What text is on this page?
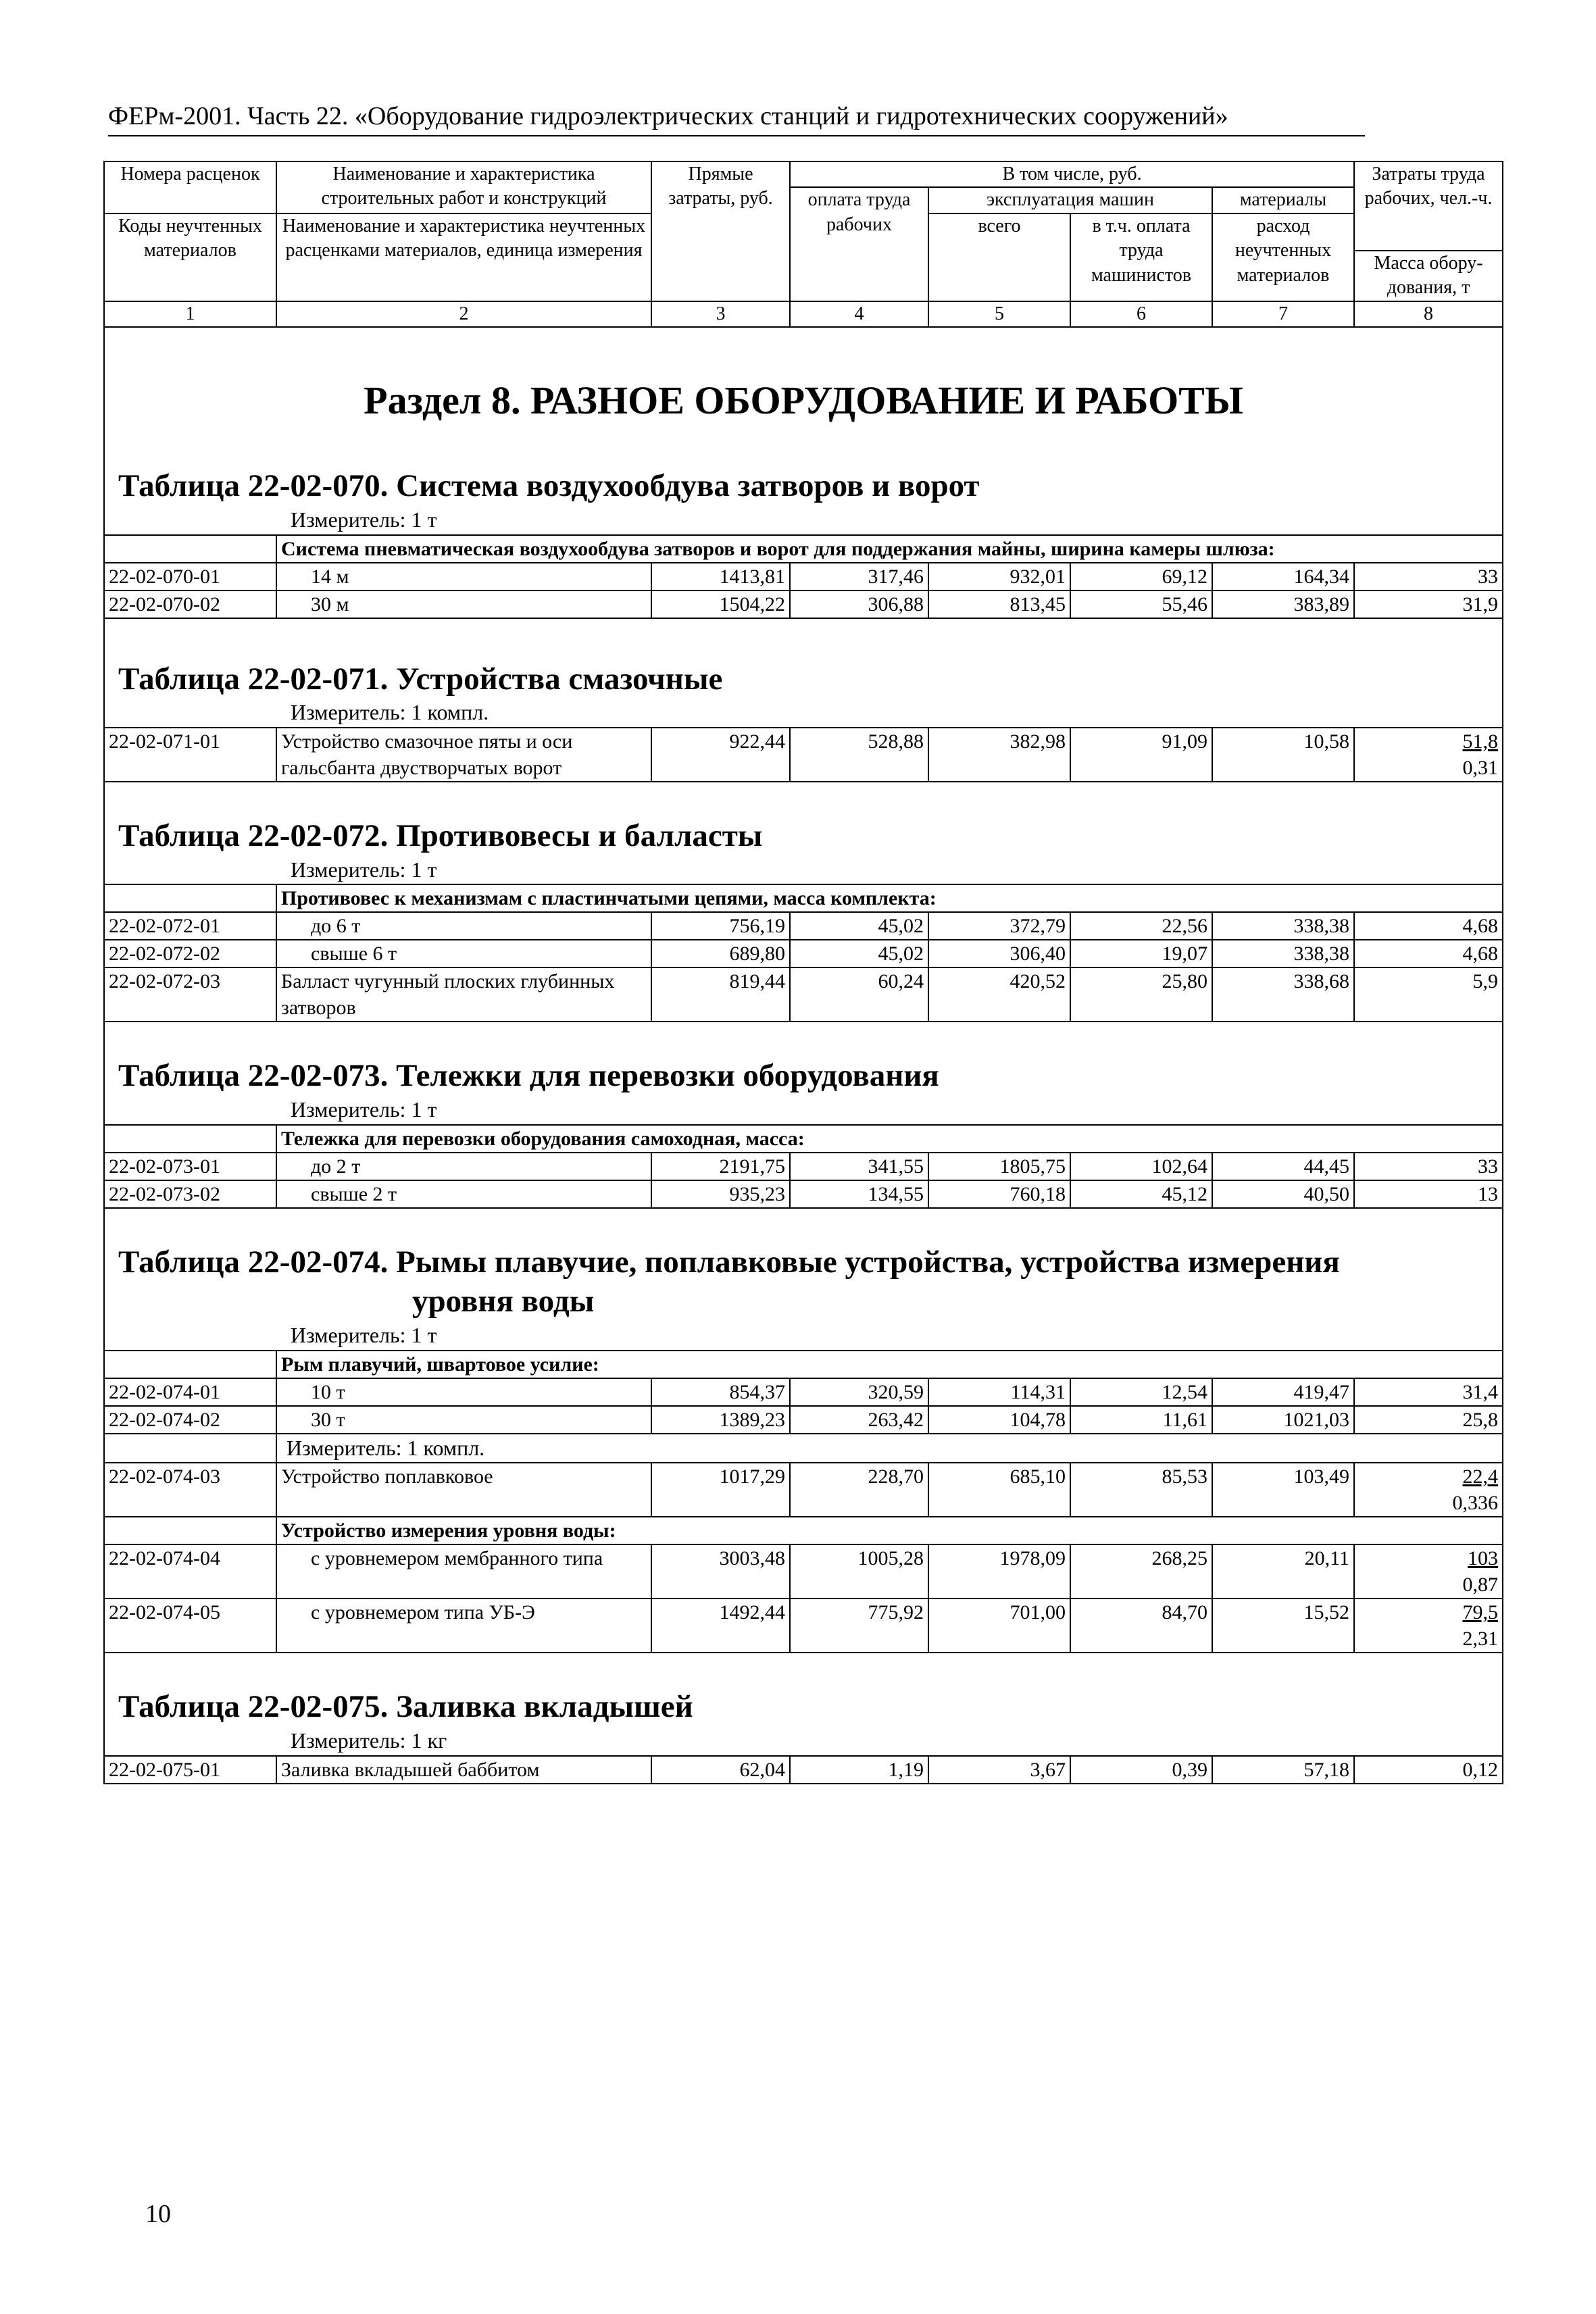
ФЕРм-2001. Часть 22. «Оборудование гидроэлектрических станций и гидротехнических сооружений»
Номера расценок	Наименование и характеристика строительных работ и конструкций	Прямые затраты, руб.	В том числе, руб.				Затраты труда рабочих, чел.-ч.
			оплата труда рабочих	эксплуатация машин		материалы	
Коды неучтенных материалов	Наименование и характеристика неучтенных расценками материалов, единица измерения			всего	в т.ч. оплата труда машинистов	расход неучтенных материалов	
							Масса обору-дования, т
1	2	3	4	5	6	7	8

Раздел 8. РАЗНОЕ ОБОРУДОВАНИЕ И РАБОТЫ
Таблица 22-02-070. Система воздухообдува затворов и ворот
Измеритель: 1 т							

	Система пневматическая воздухообдува затворов и ворот для поддержания майны, ширина камеры шлюза:						
22-02-070-01	14 м	1413,81	317,46	932,01	69,12	164,34	33
22-02-070-02	30 м	1504,22	306,88	813,45	55,46	383,89	31,9

Таблица 22-02-071. Устройства смазочные
Измеритель: 1 компл.							

22-02-071-01	Устройство смазочное пяты и оси гальсбанта двустворчатых ворот	922,44	528,88	382,98	91,09	10,58	51,8
0,31

Таблица 22-02-072. Противовесы и балласты
Измеритель: 1 т							

	Противовес к механизмам с пластинчатыми цепями, масса комплекта:						
22-02-072-01	до 6 т	756,19	45,02	372,79	22,56	338,38	4,68
22-02-072-02	свыше 6 т	689,80	45,02	306,40	19,07	338,38	4,68
22-02-072-03	Балласт чугунный плоских глубинных затворов	819,44	60,24	420,52	25,80	338,68	5,9

Таблица 22-02-073. Тележки для перевозки оборудования
Измеритель: 1 т							

	Тележка для перевозки оборудования самоходная, масса:						
22-02-073-01	до 2 т	2191,75	341,55	1805,75	102,64	44,45	33
22-02-073-02	свыше 2 т	935,23	134,55	760,18	45,12	40,50	13

Таблица 22-02-074. Рымы плавучие, поплавковые устройства, устройства измерения
уровня воды
Измеритель: 1 т							

	Рым плавучий, швартовое усилие:						
22-02-074-01	10 т	854,37	320,59	114,31	12,54	419,47	31,4
22-02-074-02	30 т	1389,23	263,42	104,78	11,61	1021,03	25,8
	Измеритель: 1 компл.						
22-02-074-03	Устройство поплавковое	1017,29	228,70	685,10	85,53	103,49	22,4
0,336

	Устройство измерения уровня воды:						
22-02-074-04	с уровнемером мембранного типа	3003,48	1005,28	1978,09	268,25	20,11	103
0,87

22-02-074-05	с уровнемером типа УБ-Э	1492,44	775,92	701,00	84,70	15,52	79,5
2,31

Таблица 22-02-075. Заливка вкладышей
Измеритель: 1 кг							

22-02-075-01	Заливка вкладышей баббитом	62,04	1,19	3,67	0,39	57,18	0,12
10
